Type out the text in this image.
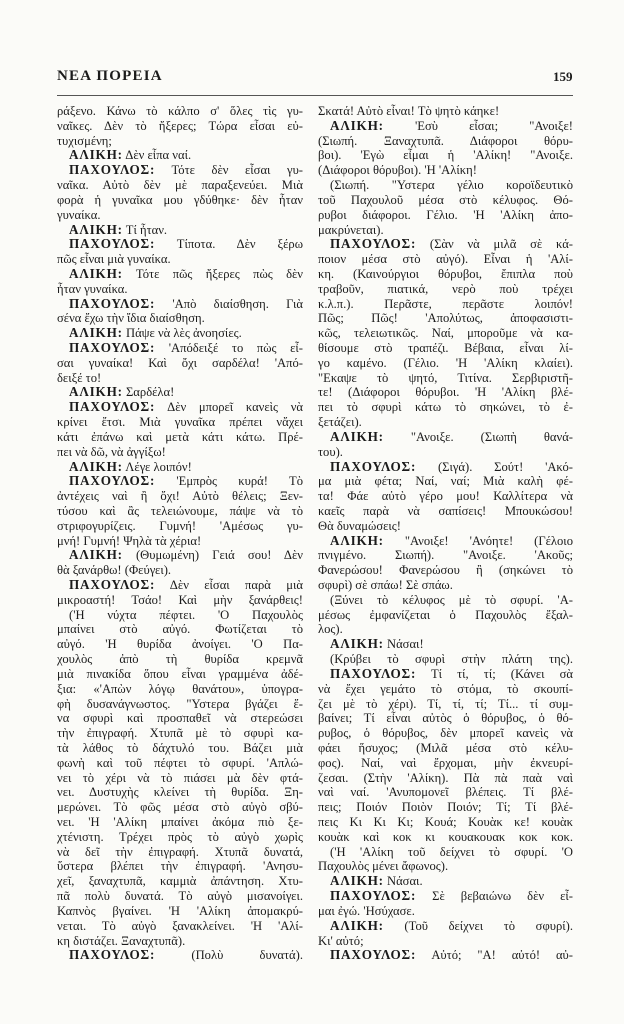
ΝΕΑ ΠΟΡΕΙΑ	159
ράξενο. Κάνω τὸ κάλπο σ' ὅλες τὶς γυ-
ναῖκες. Δὲν τὸ ἤξερες; Τώρα εἶσαι εὐ-
τυχισμένη;
ΑΛΙΚΗ: Δὲν εἶπα ναί.
ΠΑΧΟΥΛΟΣ: Τότε δὲν εἶσαι γυ-
ναῖκα. Αὐτὸ δὲν μὲ παραξενεύει. Μιὰ
φορὰ ἡ γυναῖκα μου γδύθηκε· δὲν ἦταν
γυναίκα.
ΑΛΙΚΗ: Τί ἦταν.
ΠΑΧΟΥΛΟΣ: Τίποτα. Δὲν ξέρω
πῶς εἶναι μιὰ γυναίκα.
ΑΛΙΚΗ: Τότε πῶς ἤξερες πὼς δὲν
ἦταν γυναίκα.
ΠΑΧΟΥΛΟΣ: 'Απὸ διαίσθηση. Γιὰ
σένα ἔχω τὴν ἴδια διαίσθηση.
ΑΛΙΚΗ: Πάψε νὰ λὲς ἀνοησίες.
ΠΑΧΟΥΛΟΣ: 'Απόδειξέ το πὼς εἶ-
σαι γυναίκα! Καὶ ὄχι σαρδέλα! 'Από-
δειξέ το!
ΑΛΙΚΗ: Σαρδέλα!
ΠΑΧΟΥΛΟΣ: Δὲν μπορεῖ κανεὶς νὰ
κρίνει ἔτσι. Μιὰ γυναῖκα πρέπει νἄχει
κάτι ἐπάνω καὶ μετὰ κάτι κάτω. Πρέ-
πει νὰ δῶ, νὰ ἀγγίξω!
ΑΛΙΚΗ: Λέγε λοιπόν!
ΠΑΧΟΥΛΟΣ: 'Εμπρὸς κυρά! Τὸ
ἀντέχεις ναὶ ἢ ὄχι! Αὐτὸ θέλεις; Ξεν-
τύσου καὶ ἂς τελειώνουμε, πάψε νὰ τὸ
στριφογυρίζεις. Γυμνή! 'Αμέσως γυ-
μνή! Γυμνή! Ψηλὰ τὰ χέρια!
ΑΛΙΚΗ: (Θυμωμένη) Γειά σου! Δὲν
θὰ ξανάρθω! (Φεύγει).
ΠΑΧΟΥΛΟΣ: Δὲν εἶσαι παρὰ μιὰ
μικροαστή! Τσάο! Καὶ μὴν ξανάρθεις!
('Η νύχτα πέφτει. 'Ο Παχουλὸς
μπαίνει στὸ αὐγό. Φωτίζεται τὸ
αὐγό. 'Η θυρίδα ἀνοίγει. 'Ο Πα-
χουλὸς ἀπὸ τὴ θυρίδα κρεμνᾶ
μιὰ πινακίδα ὅπου εἶναι γραμμένα ἀδέ-
ξια: «'Απὼν λόγῳ θανάτου», ὑπογρα-
φὴ δυσανάγνωστος. "Υστερα βγάζει ἕ-
να σφυρὶ καὶ προσπαθεῖ νὰ στερεώσει
τὴν ἐπιγραφή. Χτυπᾶ μὲ τὸ σφυρὶ κα-
τὰ λάθος τὸ δάχτυλό του. Βάζει μιὰ
φωνὴ καὶ τοῦ πέφτει τὸ σφυρί. 'Απλώ-
νει τὸ χέρι νὰ τὸ πιάσει μὰ δὲν φτά-
νει. Δυστυχὴς κλείνει τὴ θυρίδα. Ξη-
μερώνει. Τὸ φῶς μέσα στὸ αὐγὸ σβύ-
νει. 'Η 'Αλίκη μπαίνει ἀκόμα πιὸ ξε-
χτένιστη. Τρέχει πρὸς τὸ αὐγὸ χωρὶς
νὰ δεῖ τὴν ἐπιγραφή. Χτυπᾶ δυνατά,
ὕστερα βλέπει τὴν ἐπιγραφή. 'Ανησυ-
χεῖ, ξαναχτυπᾶ, καμμιὰ ἀπάντηση. Χτυ-
πᾶ πολὺ δυνατά. Τὸ αὐγὸ μισανοίγει.
Καπνὸς βγαίνει. 'Η 'Αλίκη ἀπομακρύ-
νεται. Τὸ αὐγὸ ξανακλείνει. 'Η 'Αλί-
κη διστάζει. Ξαναχτυπᾶ).
ΠΑΧΟΥΛΟΣ: (Πολὺ δυνατά).
Σκατά! Αὐτὸ εἶναι! Τὸ ψητὸ κάηκε!
ΑΛΙΚΗ: 'Εσὺ εἶσαι; "Ανοιξε!
(Σιωπή. Ξαναχτυπᾶ. Διάφοροι θόρυ-
βοι). 'Εγὼ εἶμαι ἡ 'Αλίκη! "Ανοιξε.
(Διάφοροι θόρυβοι). 'Η 'Αλίκη!
(Σιωπή. "Υστερα γέλιο κοροϊδευτικὸ
τοῦ Παχουλοῦ μέσα στὸ κέλυφος. Θό-
ρυβοι διάφοροι. Γέλιο. 'Η 'Αλίκη ἀπο-
μακρύνεται).
ΠΑΧΟΥΛΟΣ: (Σὰν νὰ μιλᾶ σὲ κά-
ποιον μέσα στὸ αὐγό). Εἶναι ἡ 'Αλί-
κη. (Καινούργιοι θόρυβοι, ἔπιπλα ποὺ
τραβοῦν, πιατικά, νερὸ ποὺ τρέχει
κ.λ.π.). Περᾶστε, περᾶστε λοιπόν!
Πῶς; Πῶς! 'Απολύτως, ἀποφασιστι-
κῶς, τελειωτικῶς. Ναί, μποροῦμε νὰ κα-
θίσουμε στὸ τραπέζι. Βέβαια, εἶναι λί-
γο καμένο. (Γέλιο. 'Η 'Αλίκη κλαίει).
"Εκαψε τὸ ψητό, Τιτίνα. Σερβιριστῆ-
τε! (Διάφοροι θόρυβοι. 'Η 'Αλίκη βλέ-
πει τὸ σφυρὶ κάτω τὸ σηκώνει, τὸ ἐ-
ξετάζει).
ΑΛΙΚΗ: "Ανοιξε. (Σιωπὴ θανά-
του).
ΠΑΧΟΥΛΟΣ: (Σιγά). Σούτ! 'Ακό-
μα μιὰ φέτα; Ναί, ναί; Μιὰ καλὴ φέ-
τα! Φάε αὐτὸ γέρο μου! Καλλίτερα νὰ
καεῖς παρὰ νὰ σαπίσεις! Μπουκώσου!
Θὰ δυναμώσεις!
ΑΛΙΚΗ: "Ανοιξε! 'Ανόητε! (Γέλοιο
πνιγμένο. Σιωπή). "Ανοιξε. 'Ακοῦς;
Φανερώσου! Φανερώσου ἢ (σηκώνει τὸ
σφυρὶ) σὲ σπάω! Σὲ σπάω.
(Ξύνει τὸ κέλυφος μὲ τὸ σφυρί. 'Α-
μέσως ἐμφανίζεται ὁ Παχουλὸς ἔξαλ-
λος).
ΑΛΙΚΗ: Νάσαι!
(Κρύβει τὸ σφυρὶ στὴν πλάτη της).
ΠΑΧΟΥΛΟΣ: Τί τί, τί; (Κάνει σὰ
νὰ ἔχει γεμάτο τὸ στόμα, τὸ σκουπί-
ζει μὲ τὸ χέρι). Τί, τί, τί; Τί... τί συμ-
βαίνει; Τί εἶναι αὐτὸς ὁ θόρυβος, ὁ θό-
ρυβος, ὁ θόρυβος, δὲν μπορεῖ κανεὶς νὰ
φάει ἥσυχος; (Μιλᾶ μέσα στὸ κέλυ-
φος). Ναί, ναὶ ἔρχομαι, μὴν ἐκνευρί-
ζεσαι. (Στὴν 'Αλίκη). Πὰ πὰ παὰ ναὶ
ναὶ ναί. 'Ανυπομονεῖ βλέπεις. Τί βλέ-
πεις; Ποιόν Ποιὸν Ποιόν; Τί; Τί βλέ-
πεις Κι Κι Κι; Κουά; Κουὰκ κε! κουὰκ
κουὰκ καὶ κοκ κι κουακουακ κοκ κοκ.
('Η 'Αλίκη τοῦ δείχνει τὸ σφυρί. 'Ο
Παχουλὸς μένει ἄφωνος).
ΑΛΙΚΗ: Νάσαι.
ΠΑΧΟΥΛΟΣ: Σὲ βεβαιώνω δὲν εἶ-
μαι ἐγώ. 'Ησύχασε.
ΑΛΙΚΗ: (Τοῦ δείχνει τὸ σφυρί).
Κι' αὐτό;
ΠΑΧΟΥΛΟΣ: Αὐτό; "Α! αὐτό! αὐ-
